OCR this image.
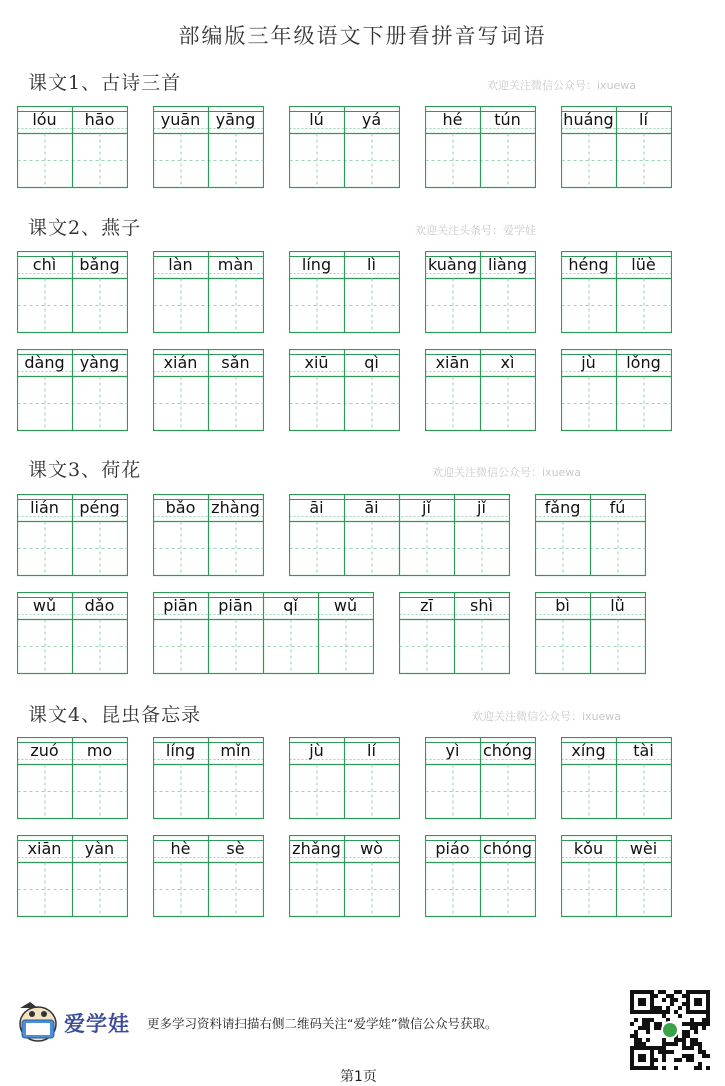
部编版三年级语文下册看拼音写词语
课文1、古诗三首	欢迎关注微信公众号：ixuewa
lóu	hāo	yuān yāng	lú	yá	hé	tún	huáng	lí
课文2、燕子	欢迎关注头条号：爱学娃
chì	bǎng	làn	màn	líng	lì	kuàng liàng	héng	lüè
dàng yàng	xián	sǎn	xiū	qì	xiān	xì	jù	lǒng
课文3、荷花	欢迎关注微信公众号：ixuewa
lián	péng	bǎo zhàng	āi	āi	jǐ	jǐ	fǎng	fú
wǔ	dǎo	piān	piān	qǐ	wǔ	zī	shì	bì	lǜ
课文4、昆虫备忘录	欢迎关注微信公众号：ixuewa
zuó	mo	líng	mǐn	jù	lí	yì	chóng	xíng	tài
xiān	yàn	hè	sè	zhǎng	wò	piáo chóng	kǒu	wèi
爱学娃 更多学习资料请扫描右侧二维码关注“爱学娃”微信公众号获取。
第1页
